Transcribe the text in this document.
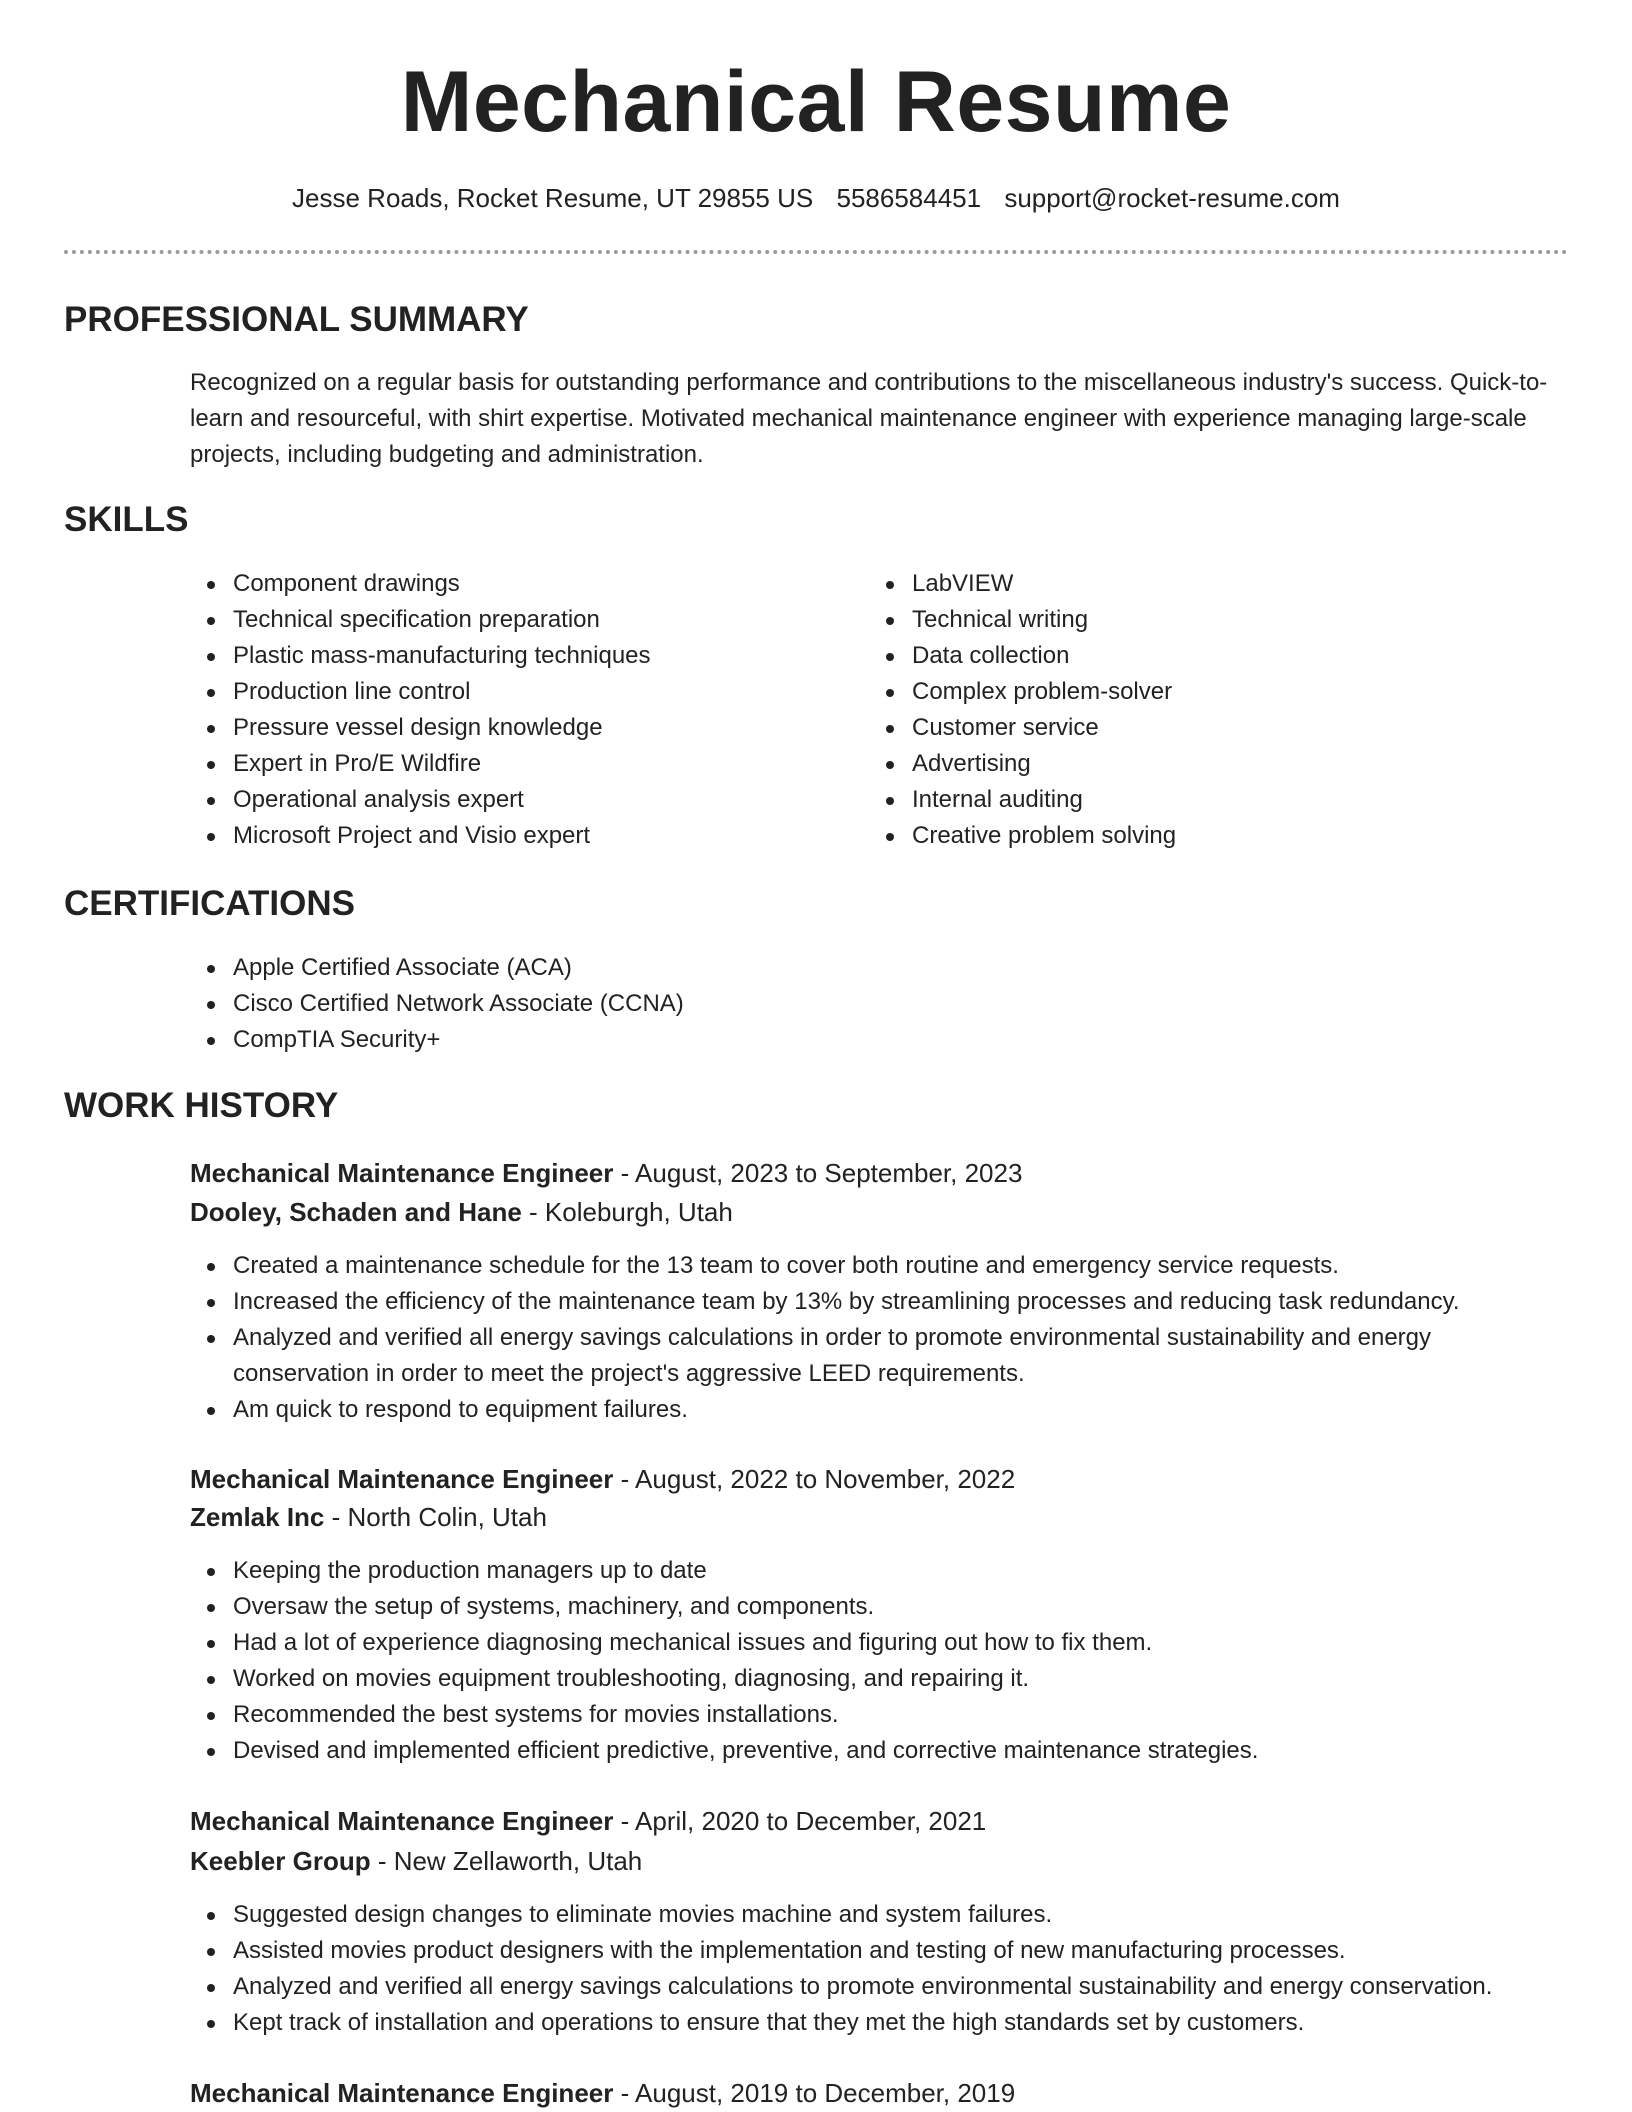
Mechanical Resume
Jesse Roads, Rocket Resume, UT 29855 US 5586584451 support@rocket-resume.com
PROFESSIONAL SUMMARY

Recognized on a regular basis for outstanding performance and contributions to the miscellaneous industry's success. Quick-to-learn and resourceful, with shirt expertise. Motivated mechanical maintenance engineer with experience managing large-scale projects, including budgeting and administration.

SKILLS
Component drawings
Technical specification preparation
Plastic mass-manufacturing techniques
Production line control
Pressure vessel design knowledge
Expert in Pro/E Wildfire
Operational analysis expert
Microsoft Project and Visio expert
LabVIEW
Technical writing
Data collection
Complex problem-solver
Customer service
Advertising
Internal auditing
Creative problem solving
CERTIFICATIONS
Apple Certified Associate (ACA)
Cisco Certified Network Associate (CCNA)
CompTIA Security+
WORK HISTORY
Mechanical Maintenance Engineer - August, 2023 to September, 2023
Dooley, Schaden and Hane - Koleburgh, Utah
Created a maintenance schedule for the 13 team to cover both routine and emergency service requests.
Increased the efficiency of the maintenance team by 13% by streamlining processes and reducing task redundancy.
Analyzed and verified all energy savings calculations in order to promote environmental sustainability and energy conservation in order to meet the project's aggressive LEED requirements.
Am quick to respond to equipment failures.
Mechanical Maintenance Engineer - August, 2022 to November, 2022
Zemlak Inc - North Colin, Utah
Keeping the production managers up to date
Oversaw the setup of systems, machinery, and components.
Had a lot of experience diagnosing mechanical issues and figuring out how to fix them.
Worked on movies equipment troubleshooting, diagnosing, and repairing it.
Recommended the best systems for movies installations.
Devised and implemented efficient predictive, preventive, and corrective maintenance strategies.
Mechanical Maintenance Engineer - April, 2020 to December, 2021
Keebler Group - New Zellaworth, Utah
Suggested design changes to eliminate movies machine and system failures.
Assisted movies product designers with the implementation and testing of new manufacturing processes.
Analyzed and verified all energy savings calculations to promote environmental sustainability and energy conservation.
Kept track of installation and operations to ensure that they met the high standards set by customers.
Mechanical Maintenance Engineer - August, 2019 to December, 2019
